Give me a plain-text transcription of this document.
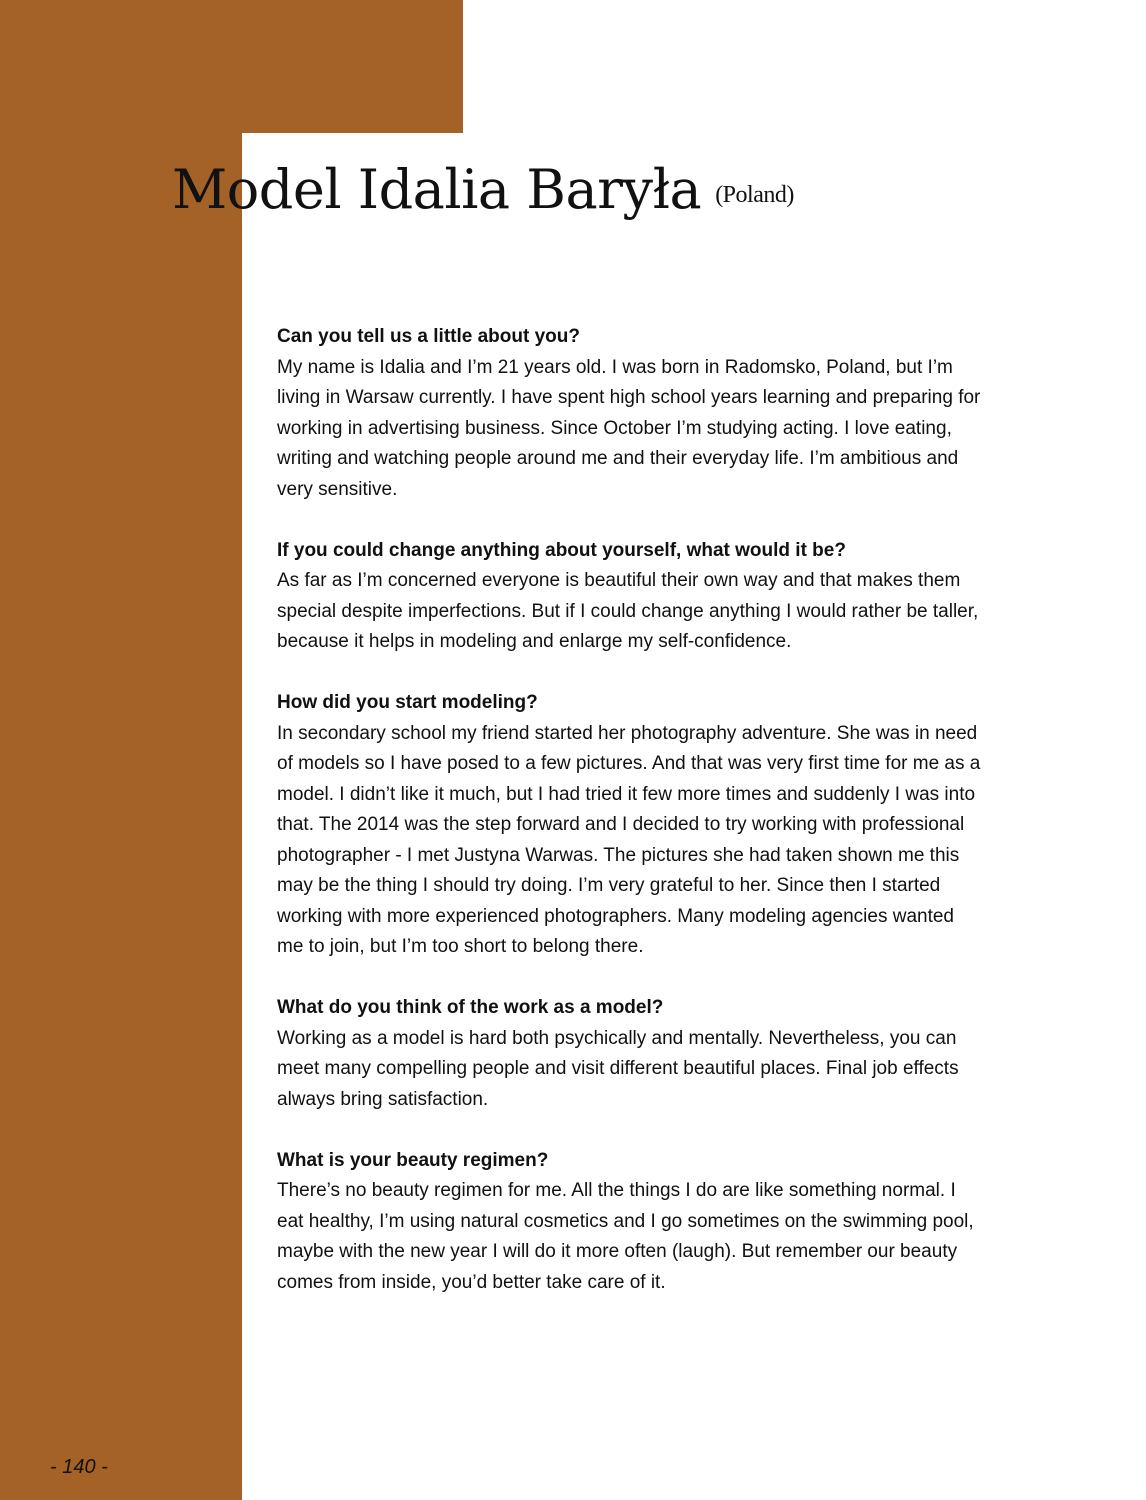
Model Idalia Baryła (Poland)

Can you tell us a little about you?

My name is Idalia and I’m 21 years old. I was born in Radomsko, Poland, but I’m
living in Warsaw currently. I have spent high school years learning and preparing for
working in advertising business. Since October I’m studying acting. I love eating,
writing and watching people around me and their everyday life. I’m ambitious and
very sensitive.

If you could change anything about yourself, what would it be?

As far as I’m concerned everyone is beautiful their own way and that makes them
special despite imperfections. But if I could change anything I would rather be taller,
because it helps in modeling and enlarge my self-confidence.

How did you start modeling?

In secondary school my friend started her photography adventure. She was in need
of models so I have posed to a few pictures. And that was very first time for me as a
model. I didn’t like it much, but I had tried it few more times and suddenly I was into
that. The 2014 was the step forward and I decided to try working with professional
photographer - I met Justyna Warwas. The pictures she had taken shown me this
may be the thing I should try doing. I’m very grateful to her. Since then I started
working with more experienced photographers. Many modeling agencies wanted
me to join, but I’m too short to belong there.

What do you think of the work as a model?

Working as a model is hard both psychically and mentally. Nevertheless, you can
meet many compelling people and visit different beautiful places. Final job effects
always bring satisfaction.

What is your beauty regimen?

There’s no beauty regimen for me. All the things I do are like something normal. I
eat healthy, I’m using natural cosmetics and I go sometimes on the swimming pool,
maybe with the new year I will do it more often (laugh). But remember our beauty
comes from inside, you’d better take care of it.

- 140 -
